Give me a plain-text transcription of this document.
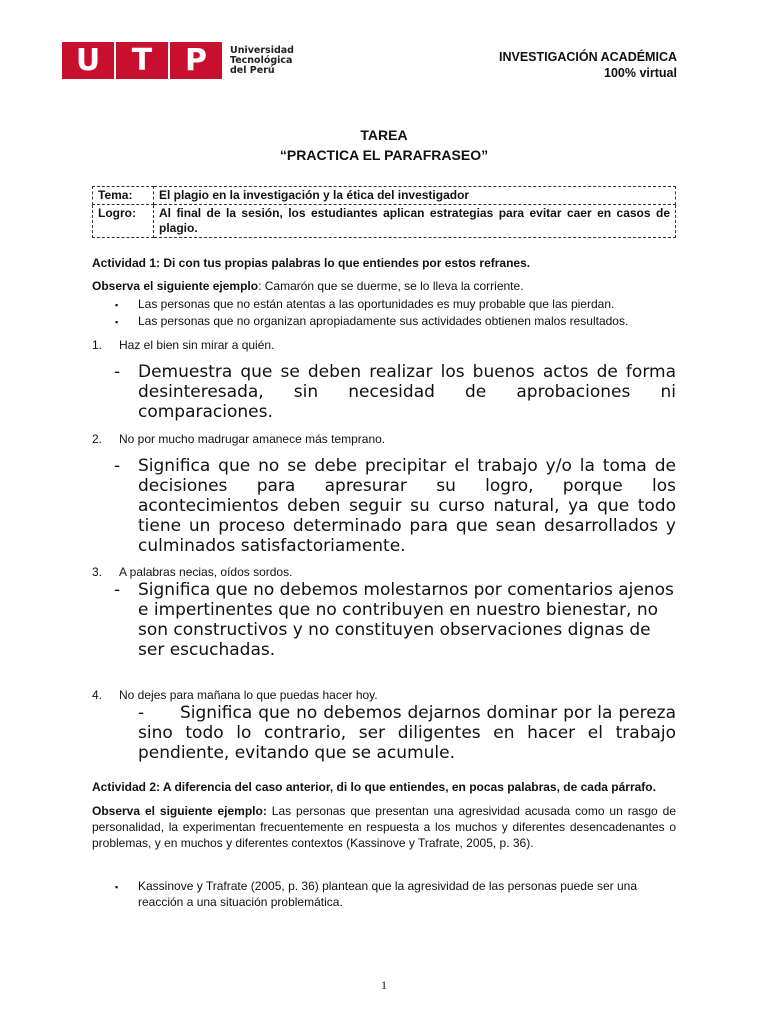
U	T	P	Universidad
Tecnológica
del Perú
INVESTIGACIÓN ACADÉMICA
100% virtual
TAREA
“PRACTICA EL PARAFRASEO”
Tema:	El plagio en la investigación y la ética del investigador
Logro:	Al final de la sesión, los estudiantes aplican estrategias para evitar caer en casos de plagio.
Actividad 1: Di con tus propias palabras lo que entiendes por estos refranes.
Observa el siguiente ejemplo: Camarón que se duerme, se lo lleva la corriente.
▪	Las personas que no están atentas a las oportunidades es muy probable que las pierdan.
▪	Las personas que no organizan apropiadamente sus actividades obtienen malos resultados.
1.	Haz el bien sin mirar a quién.
- Demuestra que se deben realizar los buenos actos de forma desinteresada, sin necesidad de aprobaciones ni comparaciones.
2.	No por mucho madrugar amanece más temprano.
- Significa que no se debe precipitar el trabajo y/o la toma de decisiones para apresurar su logro, porque los acontecimientos deben seguir su curso natural, ya que todo tiene un proceso determinado para que sean desarrollados y culminados satisfactoriamente.
3.	A palabras necias, oídos sordos.
- Significa que no debemos molestarnos por comentarios ajenos e impertinentes que no contribuyen en nuestro bienestar, no son constructivos y no constituyen observaciones dignas de ser escuchadas.
4.	No dejes para mañana lo que puedas hacer hoy.
- Significa que no debemos dejarnos dominar por la pereza sino todo lo contrario, ser diligentes en hacer el trabajo pendiente, evitando que se acumule.
Actividad 2: A diferencia del caso anterior, di lo que entiendes, en pocas palabras, de cada párrafo.
Observa el siguiente ejemplo: Las personas que presentan una agresividad acusada como un rasgo de personalidad, la experimentan frecuentemente en respuesta a los muchos y diferentes desencadenantes o problemas, y en muchos y diferentes contextos (Kassinove y Trafrate, 2005, p. 36).
▪	Kassinove y Trafrate (2005, p. 36) plantean que la agresividad de las personas puede ser una reacción a una situación problemática.
1
